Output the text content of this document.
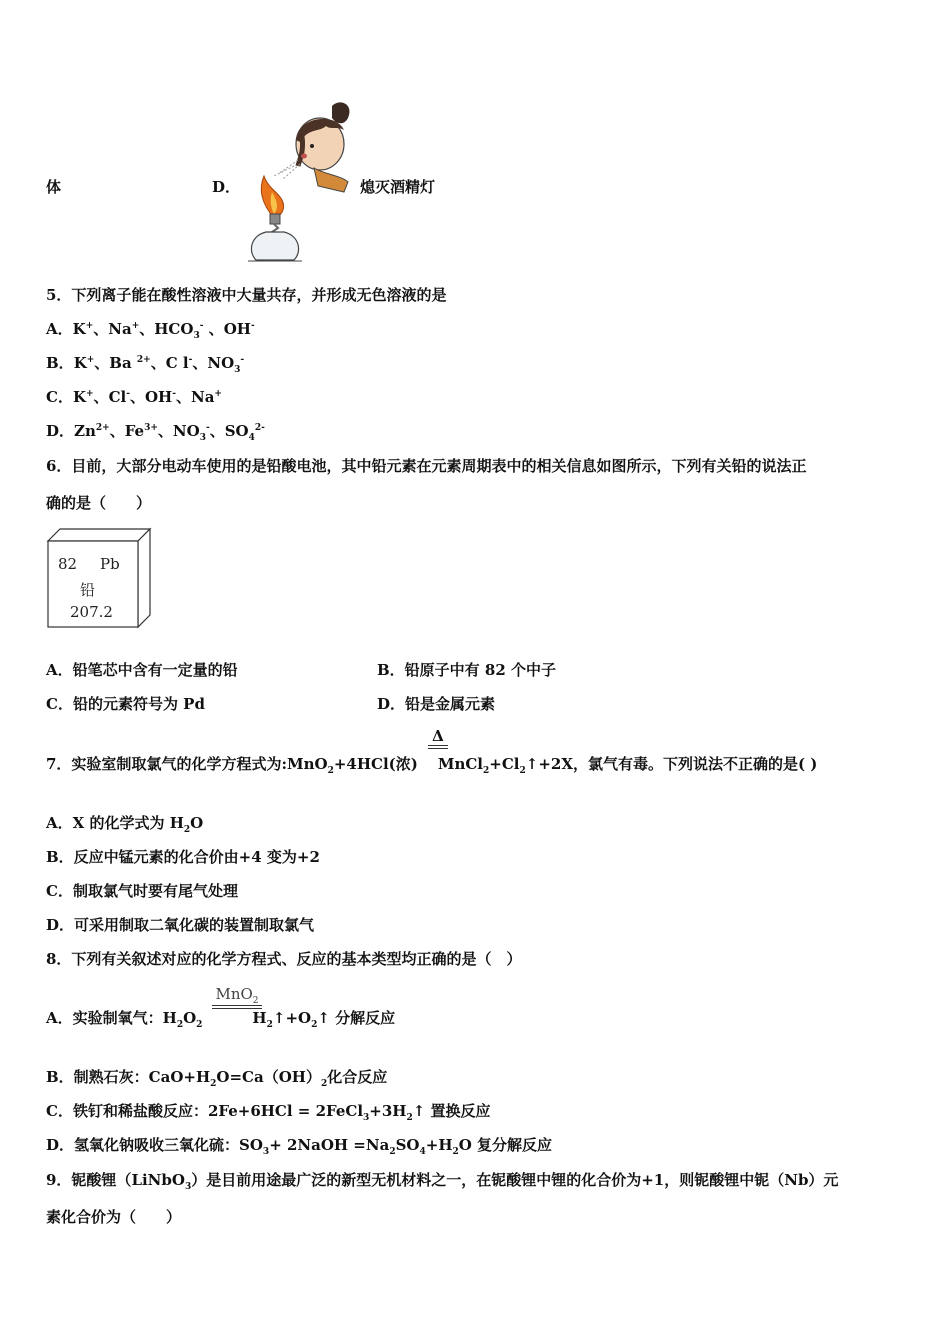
体	D．	熄灭酒精灯
5．下列离子能在酸性溶液中大量共存，并形成无色溶液的是
A．K+、Na+、$HCO_3^-$ 、OH-
B．K+、Ba $^{2+}$、C l-、$NO_3^-$
C．K+、Cl-、OH-、Na+
D．$Zn^{2+}$、$Fe^{3+}$、$NO_3^-$、$SO_4^{2-}$
6．目前，大部分电动车使用的是铅酸电池，其中铅元素在元素周期表中的相关信息如图所示，下列有关铅的说法正
确的是（　　）
82 Pb
铅
207.2
A．铅笔芯中含有一定量的铅	B．铅原子中有 82 个中子
C．铅的元素符号为 Pd	D．铅是金属元素
7．实验室制取氯气的化学方程式为:MnO$_2$+4HCl(浓) $MnCl_2+Cl_2↑+2X$，氯气有毒。下列说法不正确的是( )
Δ
A．X 的化学式为 $H_2O$
B．反应中锰元素的化合价由+4 变为+2
C．制取氯气时要有尾气处理
D．可采用制取二氧化碳的装置制取氯气
8．下列有关叙述对应的化学方程式、反应的基本类型均正确的是（　）
A．实验制氧气：$H_2O_2$	$H_2↑+O_2↑$ 分解反应
MnO$_2$
B．制熟石灰：$CaO+H_2O=Ca(OH)_2$化合反应
C．铁钉和稀盐酸反应：$2Fe+6HCl = 2FeCl_3+3H_2↑$ 置换反应
D．氢氧化钠吸收三氧化硫：$SO_3+$ 2NaOH $=Na_2SO_4+H_2O$ 复分解反应
9．铌酸锂（LiNbO$_3$）是目前用途最广泛的新型无机材料之一，在铌酸锂中锂的化合价为+1，则铌酸锂中铌（Nb）元
素化合价为（　　）
